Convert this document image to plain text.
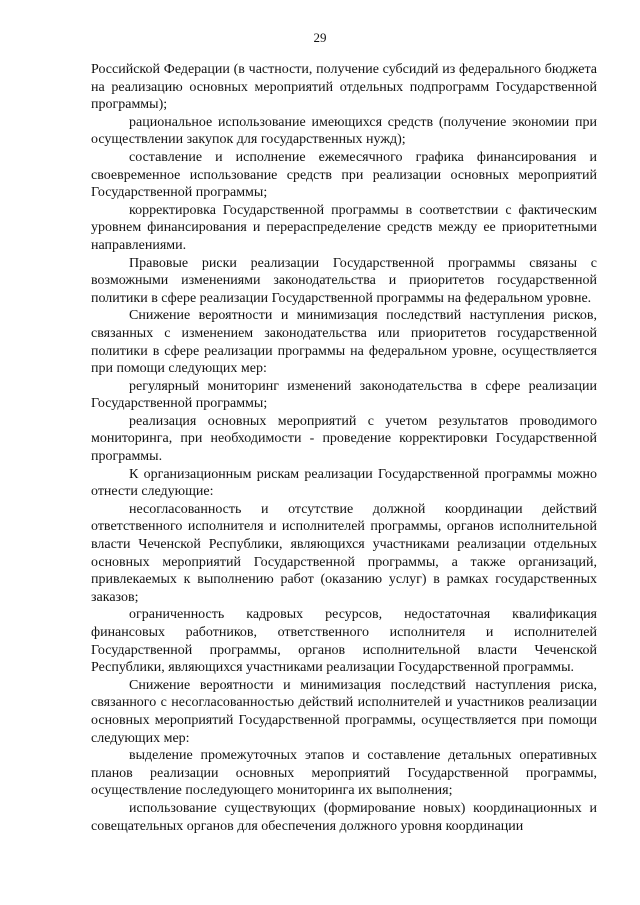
29

Российской Федерации (в частности, получение субсидий из федерального бюджета на реализацию основных мероприятий отдельных подпрограмм Государственной программы);

рациональное использование имеющихся средств (получение экономии при осуществлении закупок для государственных нужд);

составление и исполнение ежемесячного графика финансирования и своевременное использование средств при реализации основных мероприятий Государственной программы;

корректировка Государственной программы в соответствии с фактическим уровнем финансирования и перераспределение средств между ее приоритетными направлениями.

Правовые риски реализации Государственной программы связаны с возможными изменениями законодательства и приоритетов государственной политики в сфере реализации Государственной программы на федеральном уровне.

Снижение вероятности и минимизация последствий наступления рисков, связанных с изменением законодательства или приоритетов государственной политики в сфере реализации программы на федеральном уровне, осуществляется при помощи следующих мер:

регулярный мониторинг изменений законодательства в сфере реализации Государственной программы;

реализация основных мероприятий с учетом результатов проводимого мониторинга, при необходимости - проведение корректировки Государственной программы.

К организационным рискам реализации Государственной программы можно отнести следующие:

несогласованность и отсутствие должной координации действий ответственного исполнителя и исполнителей программы, органов исполнительной власти Чеченской Республики, являющихся участниками реализации отдельных основных мероприятий Государственной программы, а также организаций, привлекаемых к выполнению работ (оказанию услуг) в рамках государственных заказов;

ограниченность кадровых ресурсов, недостаточная квалификация финансовых работников, ответственного исполнителя и исполнителей Государственной программы, органов исполнительной власти Чеченской Республики, являющихся участниками реализации Государственной программы.

Снижение вероятности и минимизация последствий наступления риска, связанного с несогласованностью действий исполнителей и участников реализации основных мероприятий Государственной программы, осуществляется при помощи следующих мер:

выделение промежуточных этапов и составление детальных оперативных планов реализации основных мероприятий Государственной программы, осуществление последующего мониторинга их выполнения;

использование существующих (формирование новых) координационных и совещательных органов для обеспечения должного уровня координации
